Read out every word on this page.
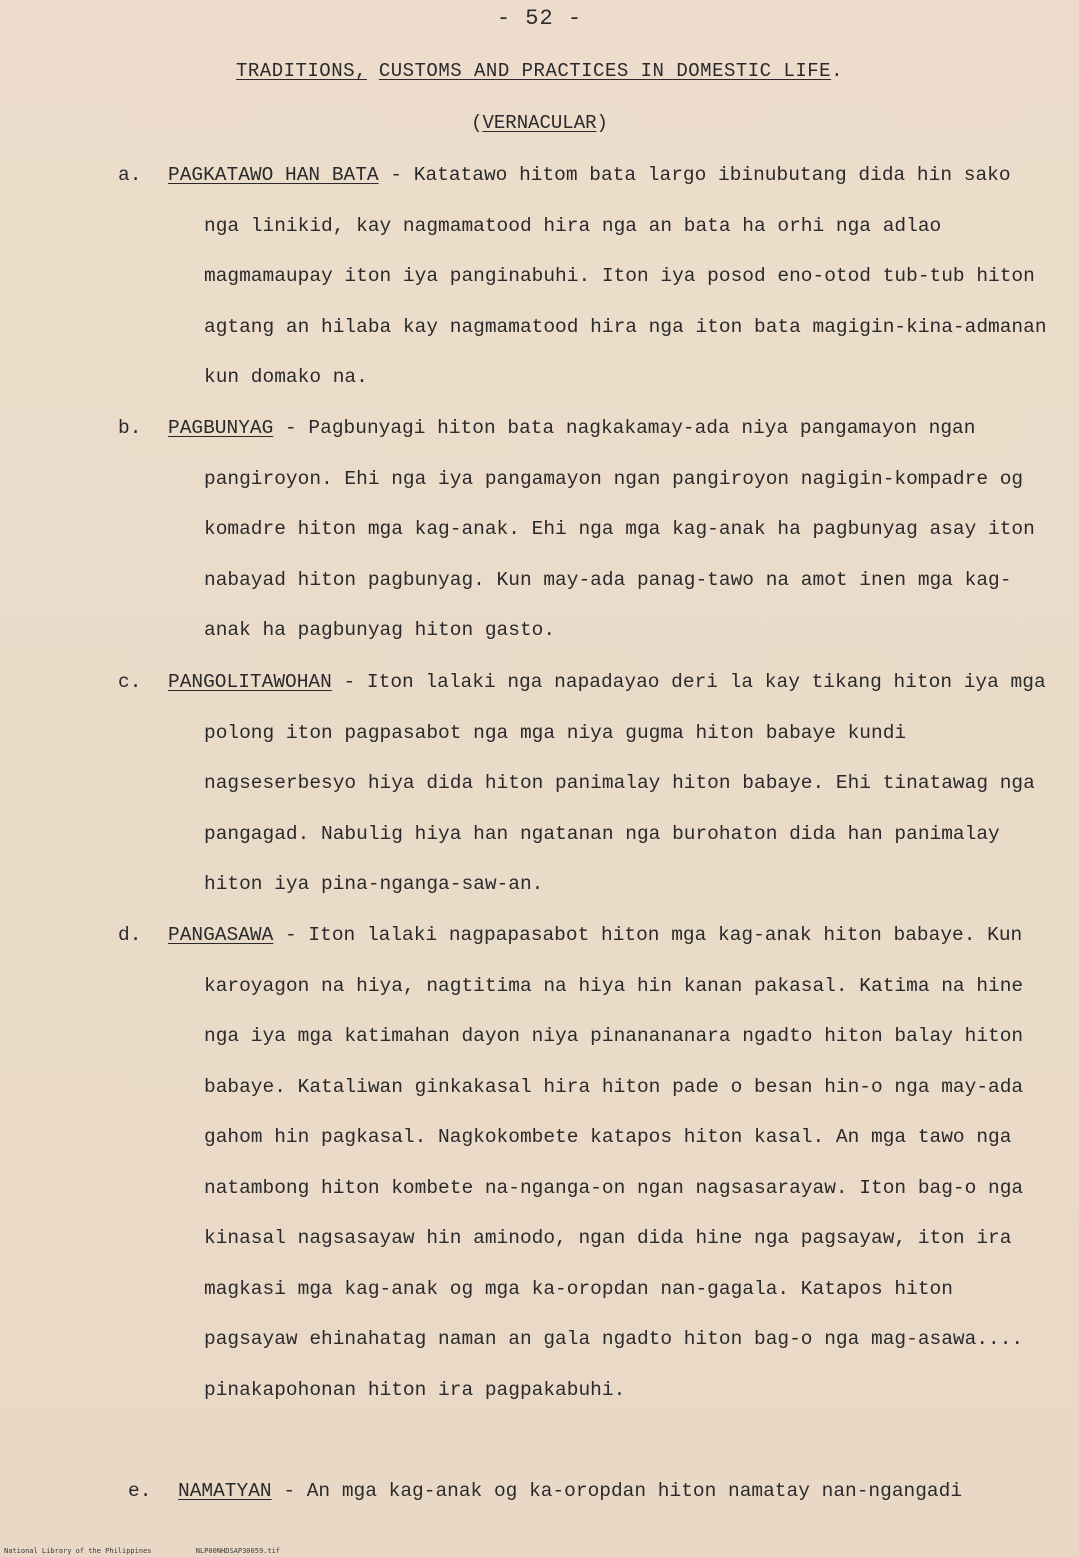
- 52 -
TRADITIONS, CUSTOMS AND PRACTICES IN DOMESTIC LIFE.
(VERNACULAR)
a. PAGKATAWO HAN BATA - Katatawo hitom bata largo ibinubutang dida hin sako nga linikid, kay nagmamatood hira nga an bata ha orhi nga adlao magmamaupay iton iya panginabuhi. Iton iya posod eno-otod tub-tub hiton agtang an hilaba kay nagmamatood hira nga iton bata magigin-kina-admanan kun domako na.
b. PAGBUNYAG - Pagbunyagi hiton bata nagkakamay-ada niya pangamayon ngan pangiroyon. Ehi nga iya pangamayon ngan pangiroyon nagigin-kompadre og komadre hiton mga kag-anak. Ehi nga mga kag-anak ha pagbunyag asay iton nabayad hiton pagbunyag. Kun may-ada panag-tawo na amot inen mga kag-anak ha pagbunyag hiton gasto.
c. PANGOLITAWOHAN - Iton lalaki nga napadayao deri la kay tikang hiton iya mga polong iton pagpasabot nga mga niya gugma hiton babaye kundi nagseserbesyo hiya dida hiton panimalay hiton babaye. Ehi tinatawag nga pangagad. Nabulig hiya han ngatanan nga burohaton dida han panimalay hiton iya pina-nganga-saw-an.
d. PANGASAWA - Iton lalaki nagpapasabot hiton mga kag-anak hiton babaye. Kun karoyagon na hiya, nagtitima na hiya hin kanan pakasal. Katima na hine nga iya mga katimahan dayon niya pinanananara ngadto hiton balay hiton babaye. Kataliwan ginkakasal hira hiton pade o besan hin-o nga may-ada gahom hin pagkasal. Nagkokombete katapos hiton kasal. An mga tawo nga natambong hiton kombete na-nganga-on ngan nagsasarayaw. Iton bag-o nga kinasal nagsasayaw hin aminodo, ngan dida hine nga pagsayaw, iton ira magkasi mga kag-anak og mga ka-oropdan nan-gagala. Katapos hiton pagsayaw ehinahatag naman an gala ngadto hiton bag-o nga mag-asawa.... pinakapohonan hiton ira pagpakabuhi.
e. NAMATYAN - An mga kag-anak og ka-oropdan hiton namatay nan-ngangadi
National Library of the Philippines	NLP00NHDSAP30059.tif
